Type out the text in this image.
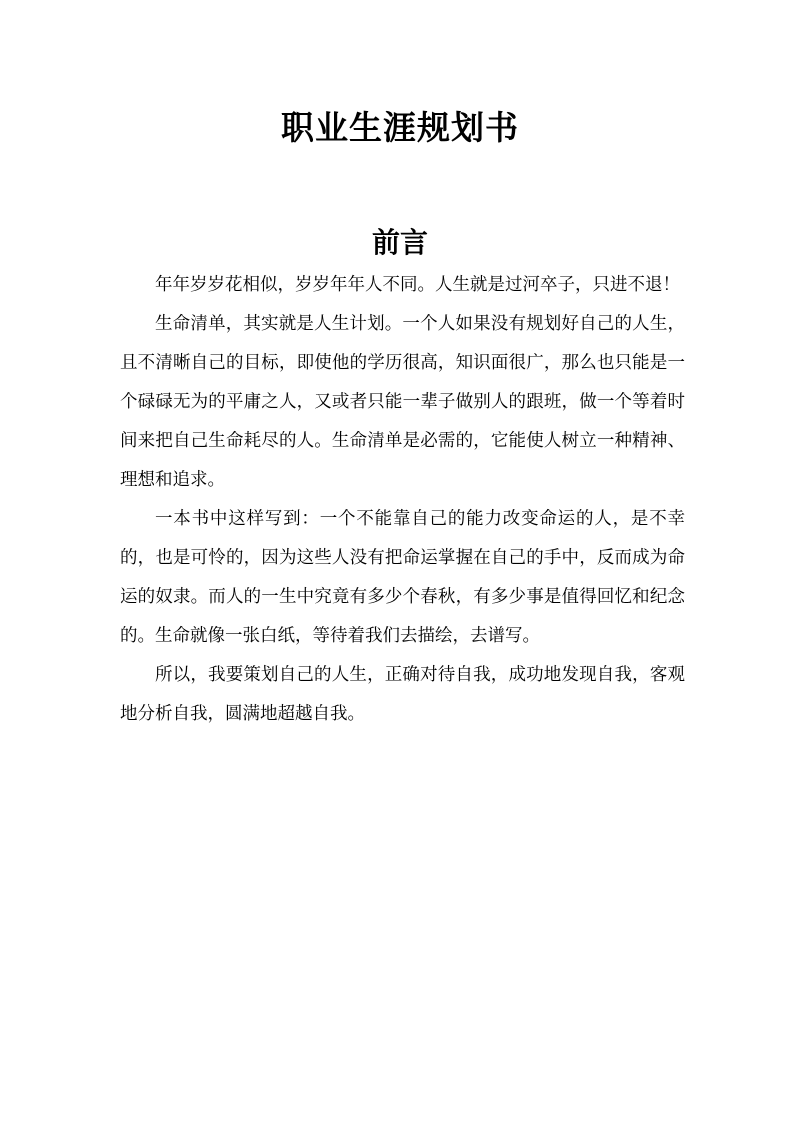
职业生涯规划书
前言

年年岁岁花相似，岁岁年年人不同。人生就是过河卒子，只进不退！

生命清单，其实就是人生计划。一个人如果没有规划好自己的人生，且不清晰自己的目标，即使他的学历很高，知识面很广，那么也只能是一个碌碌无为的平庸之人，又或者只能一辈子做别人的跟班，做一个等着时间来把自己生命耗尽的人。生命清单是必需的，它能使人树立一种精神、理想和追求。

一本书中这样写到：一个不能靠自己的能力改变命运的人，是不幸的，也是可怜的，因为这些人没有把命运掌握在自己的手中，反而成为命运的奴隶。而人的一生中究竟有多少个春秋，有多少事是值得回忆和纪念的。生命就像一张白纸，等待着我们去描绘，去谱写。

所以，我要策划自己的人生，正确对待自我，成功地发现自我，客观地分析自我，圆满地超越自我。
